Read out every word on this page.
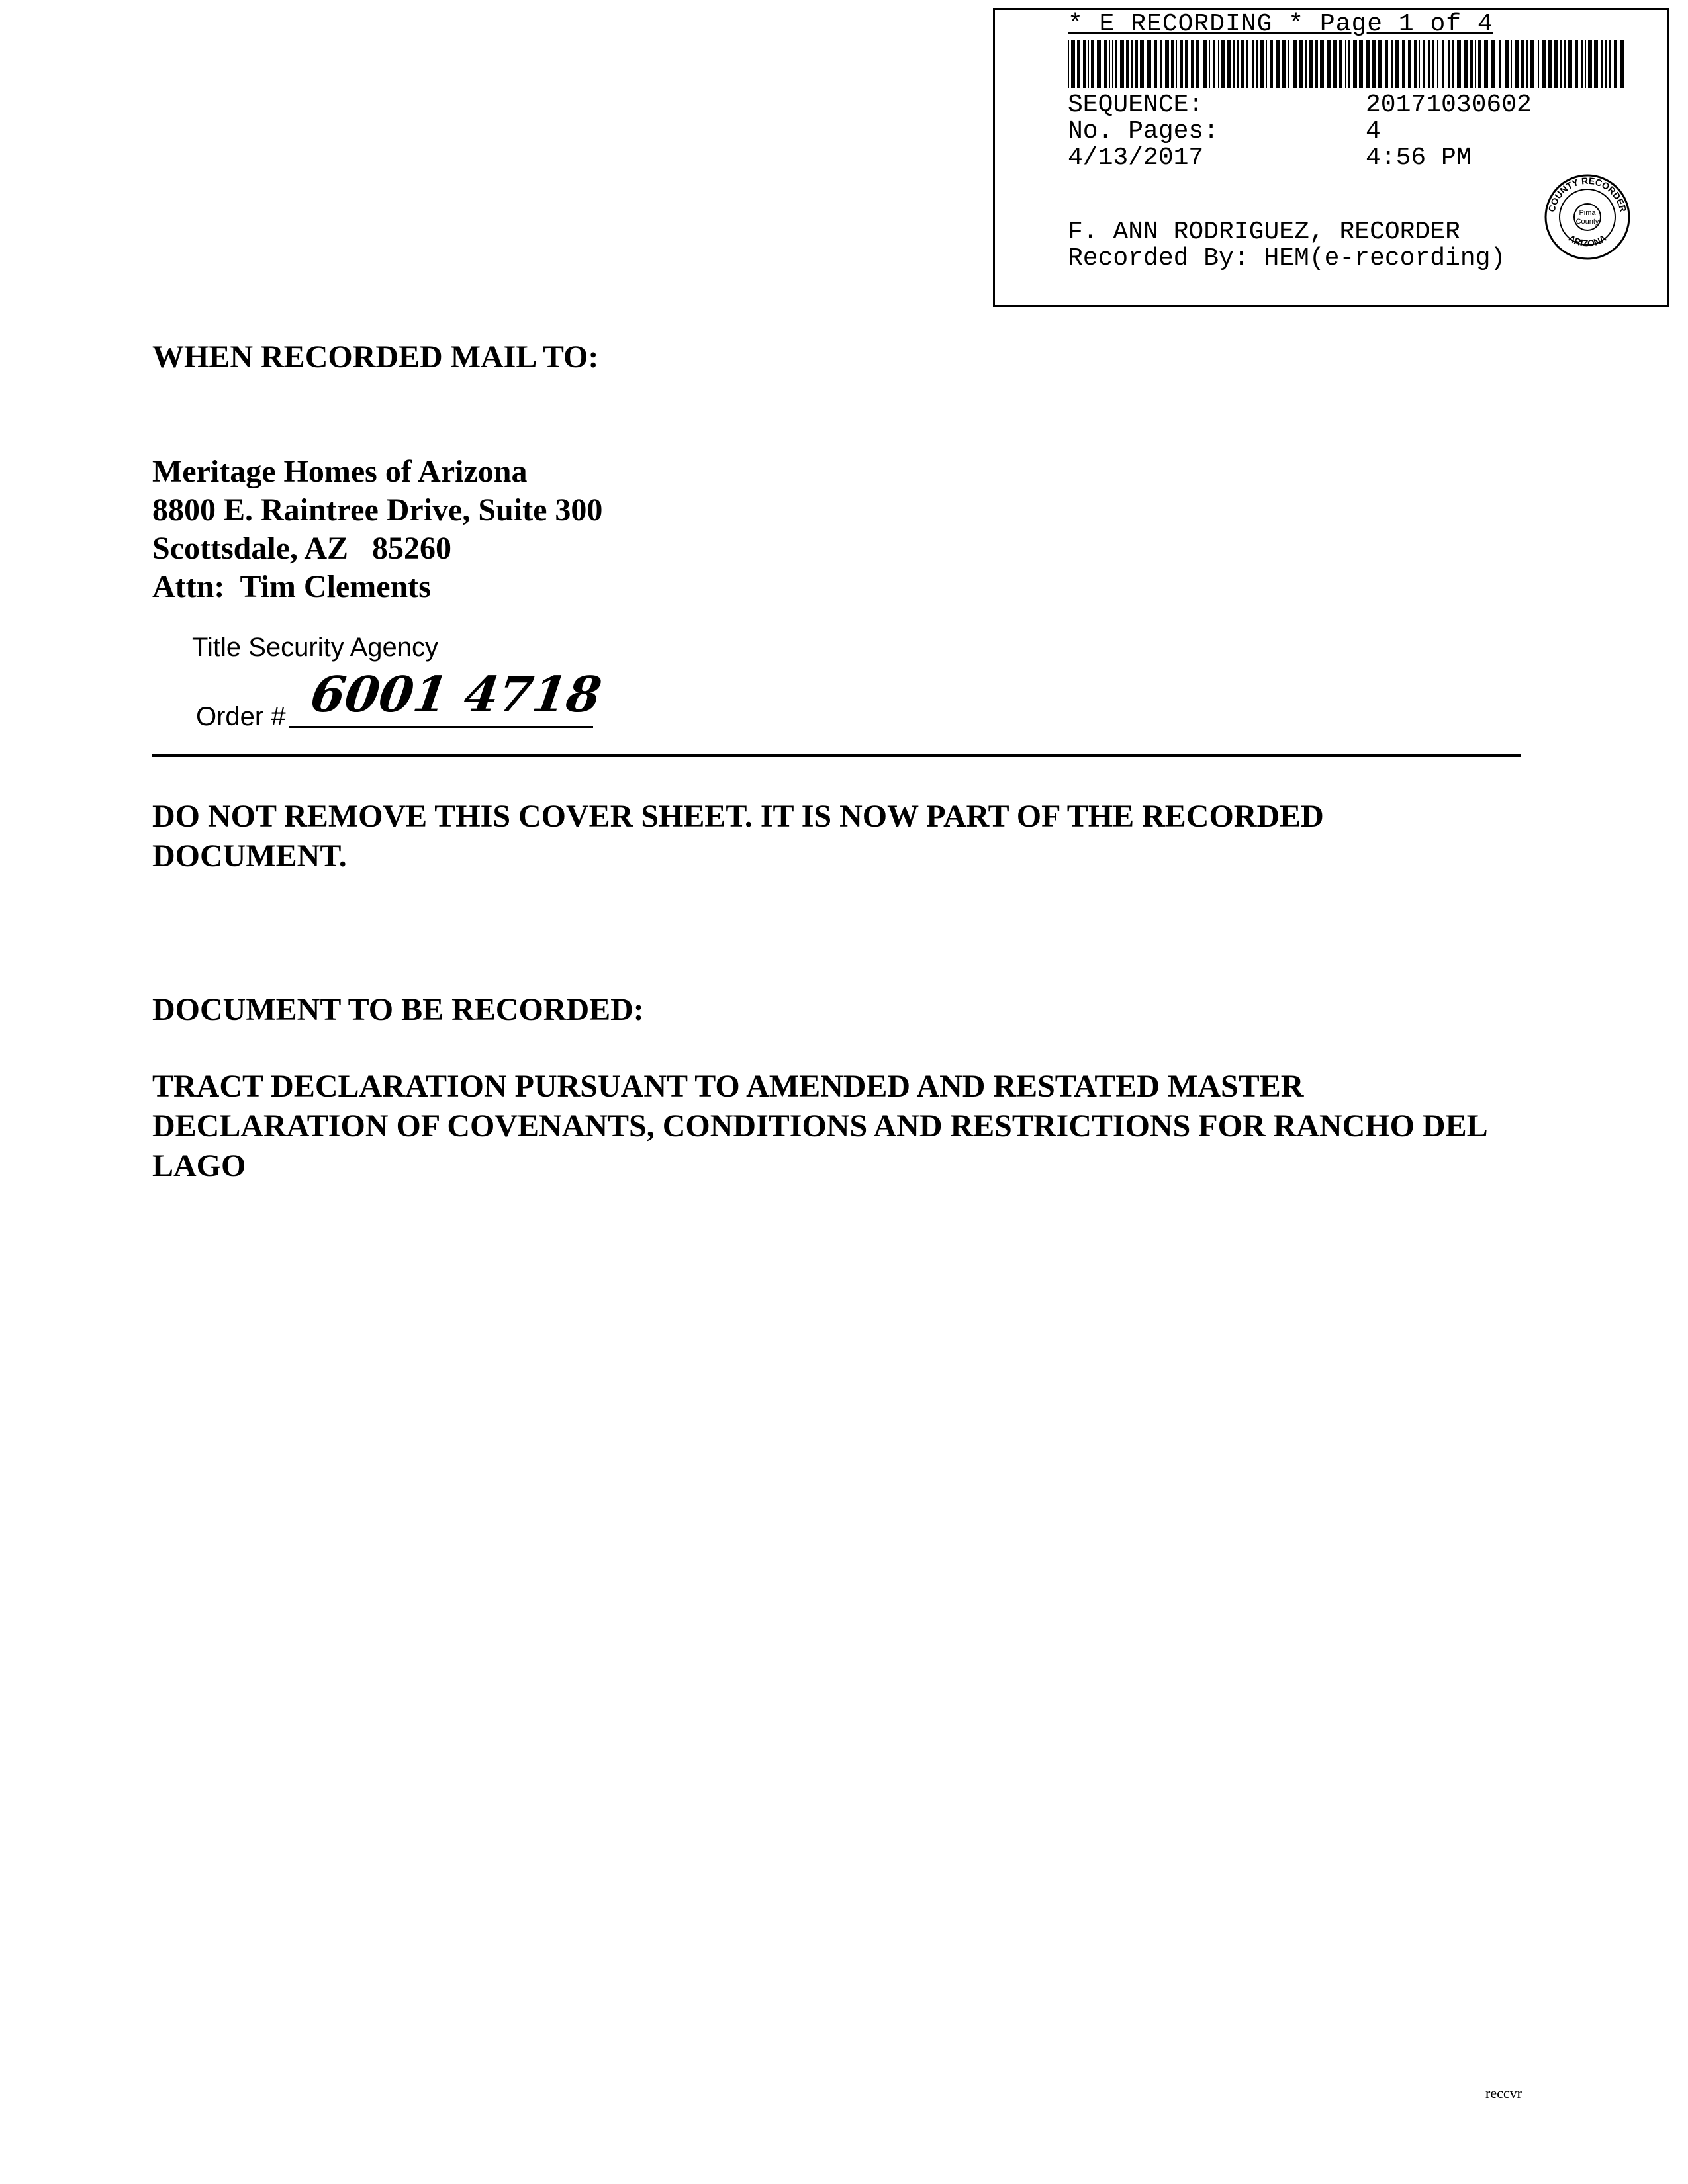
* E RECORDING * Page 1 of 4
SEQUENCE:	20171030602
No. Pages:	4
4/13/2017	4:56 PM
F. ANN RODRIGUEZ, RECORDER
Recorded By: HEM(e-recording)
COUNTY RECORDER
ARIZONA
Pima
County
WHEN RECORDED MAIL TO:
Meritage Homes of Arizona
8800 E. Raintree Drive, Suite 300
Scottsdale, AZ   85260
Attn:  Tim Clements
Title Security Agency
Order # 6001 4718
DO NOT REMOVE THIS COVER SHEET. IT IS NOW PART OF THE RECORDED DOCUMENT.
DOCUMENT TO BE RECORDED:
TRACT DECLARATION PURSUANT TO AMENDED AND RESTATED MASTER DECLARATION OF COVENANTS, CONDITIONS AND RESTRICTIONS FOR RANCHO DEL LAGO
reccvr
